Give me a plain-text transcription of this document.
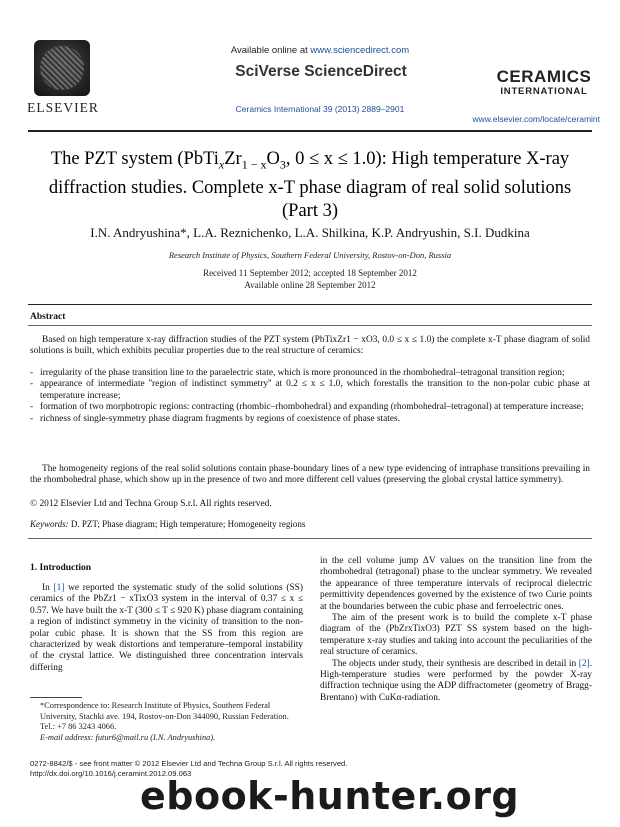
ELSEVIER
Available online at www.sciencedirect.com
SciVerse ScienceDirect
Ceramics International 39 (2013) 2889–2901
CERAMICS
INTERNATIONAL
www.elsevier.com/locate/ceramint
The PZT system ($PbTi_xZr_{1 - x}O_3$, 0 ≤ x ≤ 1.0): High temperature X-ray diffraction studies. Complete x-T phase diagram of real solid solutions (Part 3)
I.N. Andryushina*, L.A. Reznichenko, L.A. Shilkina, K.P. Andryushin, S.I. Dudkina
Research Institute of Physics, Southern Federal University, Rostov-on-Don, Russia
Received 11 September 2012; accepted 18 September 2012
Available online 28 September 2012
Abstract
Based on high temperature x-ray diffraction studies of the PZT system (PbTixZr1 − xO3, 0.0 ≤ x ≤ 1.0) the complete x-T phase diagram of solid solutions is built, which exhibits peculiar properties due to the real structure of ceramics:
- irregularity of the phase transition line to the paraelectric state, which is more pronounced in the rhombohedral–tetragonal transition region;
- appearance of intermediate ''region of indistinct symmetry'' at 0.2 ≤ x ≤ 1.0, which forestalls the transition to the non-polar cubic phase at temperature increase;
- formation of two morphotropic regions: contracting (rhombic–rhombohedral) and expanding (rhombohedral–tetragonal) at temperature increase;
- richness of single-symmetry phase diagram fragments by regions of coexistence of phase states.
The homogeneity regions of the real solid solutions contain phase-boundary lines of a new type evidencing of intraphase transitions prevailing in the rhombohedral phase, which show up in the presence of two and more different cell values (preserving the global crystal lattice symmetry).
© 2012 Elsevier Ltd and Techna Group S.r.l. All rights reserved.
Keywords: D. PZT; Phase diagram; High temperature; Homogeneity regions
1. Introduction

In [1] we reported the systematic study of the solid solutions (SS) ceramics of the PbZr1 − xTixO3 system in the interval of 0.37 ≤ x ≤ 0.57. We have built the x-T (300 ≤ T ≤ 920 K) phase diagram containing a region of indistinct symmetry in the vicinity of transition to the non-polar cubic phase. It is shown that the SS from this region are characterized by weak distortions and temperature–temporal instability of the crystal lattice. We distinguished three concentration intervals differing

in the cell volume jump ΔV values on the transition line from the rhombohedral (tetragonal) phase to the unclear symmetry. We revealed the appearance of three temperature intervals of reciprocal dielectric permittivity dependences governed by the existence of two Curie points at the boundaries between the cubic phase and ferroelectric ones.

The aim of the present work is to build the complete x-T phase diagram of the (PbZrxTixO3) PZT SS system based on the high-temperature x-ray studies and taking into account the peculiarities of the real structure of ceramics.

The objects under study, their synthesis are described in detail in [2]. High-temperature studies were performed by the powder X-ray diffraction technique using the ADP diffractometer (geometry of Bragg-Brentano) with CuKα-radiation.

*Correspondence to: Research Institute of Physics, Southern Federal University, Stachki ave. 194, Rostov-on-Don 344090, Russian Federation. Tel.: +7 86 3243 4066.
E-mail address: futur6@mail.ru (I.N. Andryushina).
0272-8842/$ - see front matter © 2012 Elsevier Ltd and Techna Group S.r.l. All rights reserved.
http://dx.doi.org/10.1016/j.ceramint.2012.09.063
ebook-hunter.org
